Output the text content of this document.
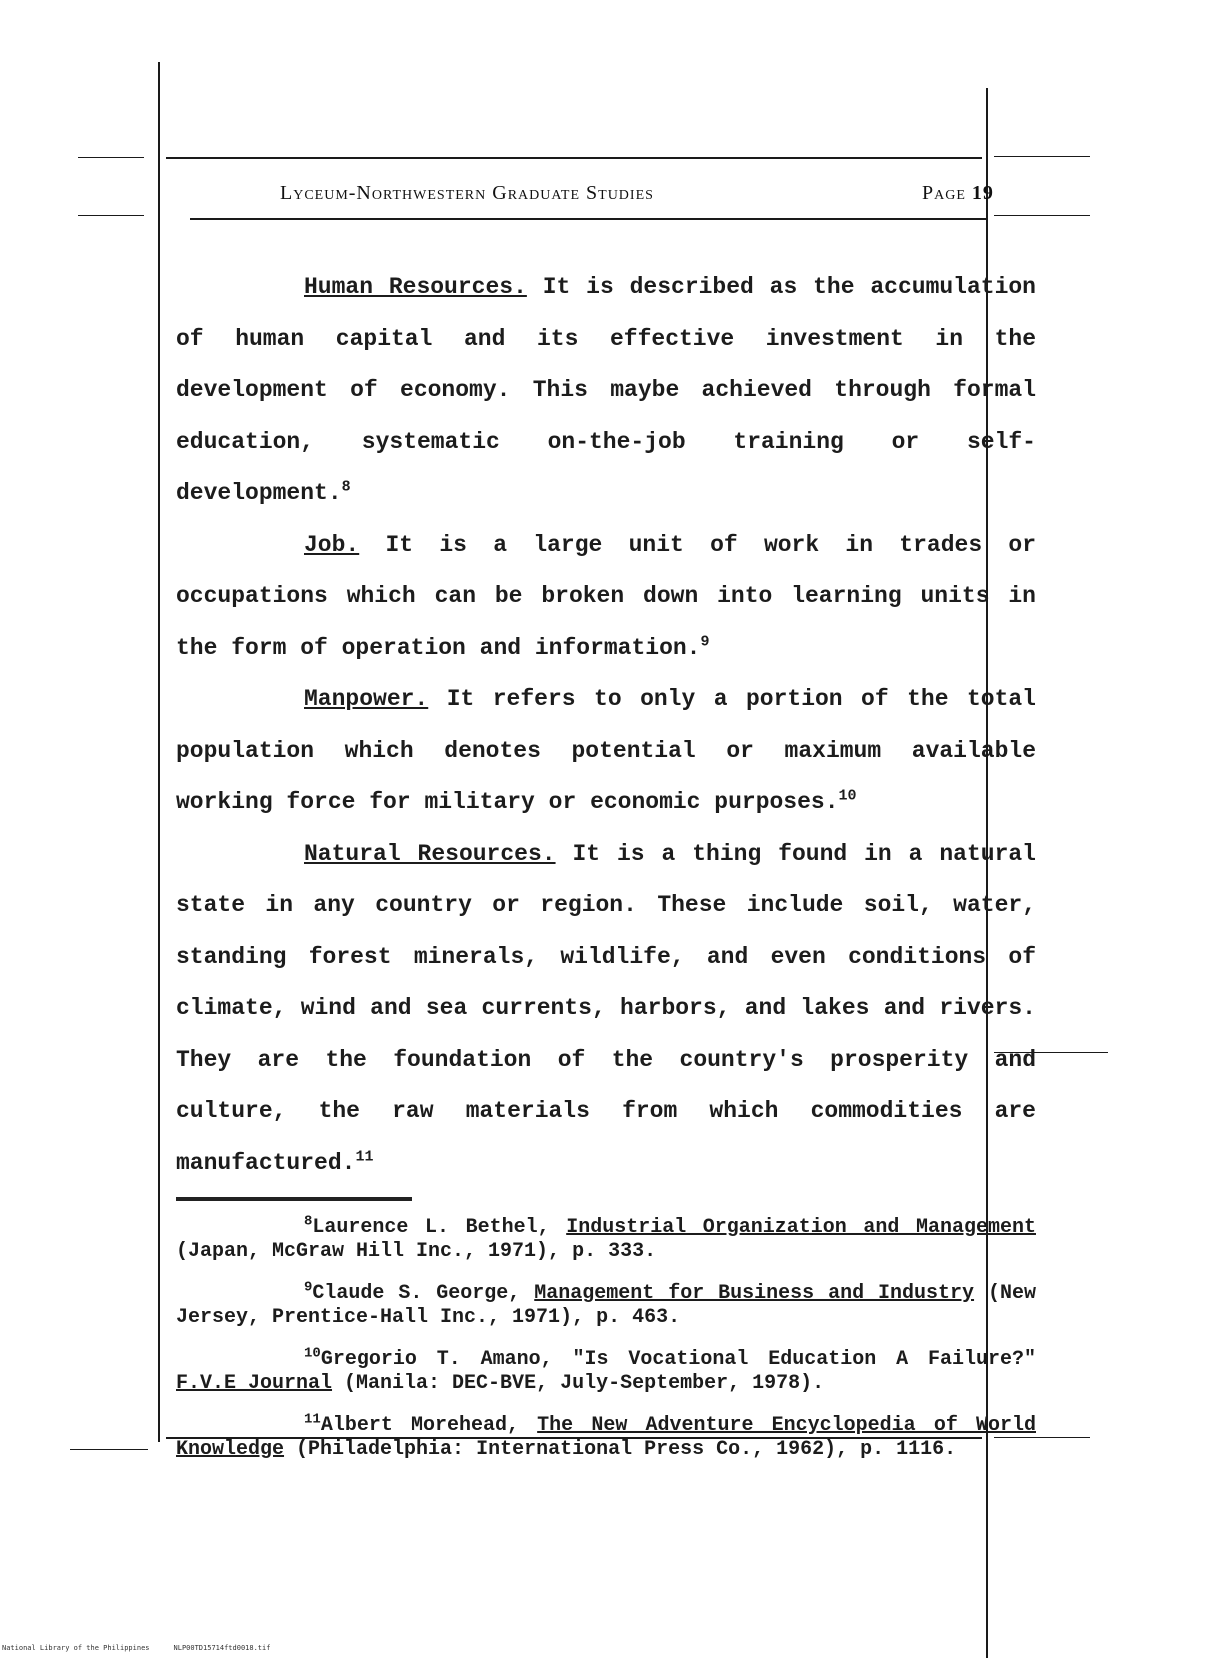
Lyceum-Northwestern Graduate Studies	Page 19

Human Resources. It is described as the accumulation of human capital and its effective investment in the development of economy. This maybe achieved through formal education, systematic on-the-job training or self-development.$^8$

Job. It is a large unit of work in trades or occupations which can be broken down into learning units in the form of operation and information.$^9$

Manpower. It refers to only a portion of the total population which denotes potential or maximum available working force for military or economic purposes.$^{10}$

Natural Resources. It is a thing found in a natural state in any country or region. These include soil, water, standing forest minerals, wildlife, and even conditions of climate, wind and sea currents, harbors, and lakes and rivers. They are the foundation of the country's prosperity and culture, the raw materials from which commodities are manufactured.$^{11}$

$^8$Laurence L. Bethel, Industrial Organization and Management (Japan, McGraw Hill Inc., 1971), p. 333.

$^9$Claude S. George, Management for Business and Industry (New Jersey, Prentice-Hall Inc., 1971), p. 463.

$^{10}$Gregorio T. Amano, "Is Vocational Education A Failure?" F.V.E Journal (Manila: DEC-BVE, July-September, 1978).

$^{11}$Albert Morehead, The New Adventure Encyclopedia of World Knowledge (Philadelphia: International Press Co., 1962), p. 1116.

National Library of the Philippines	NLP00TD15714ftd0018.tif
